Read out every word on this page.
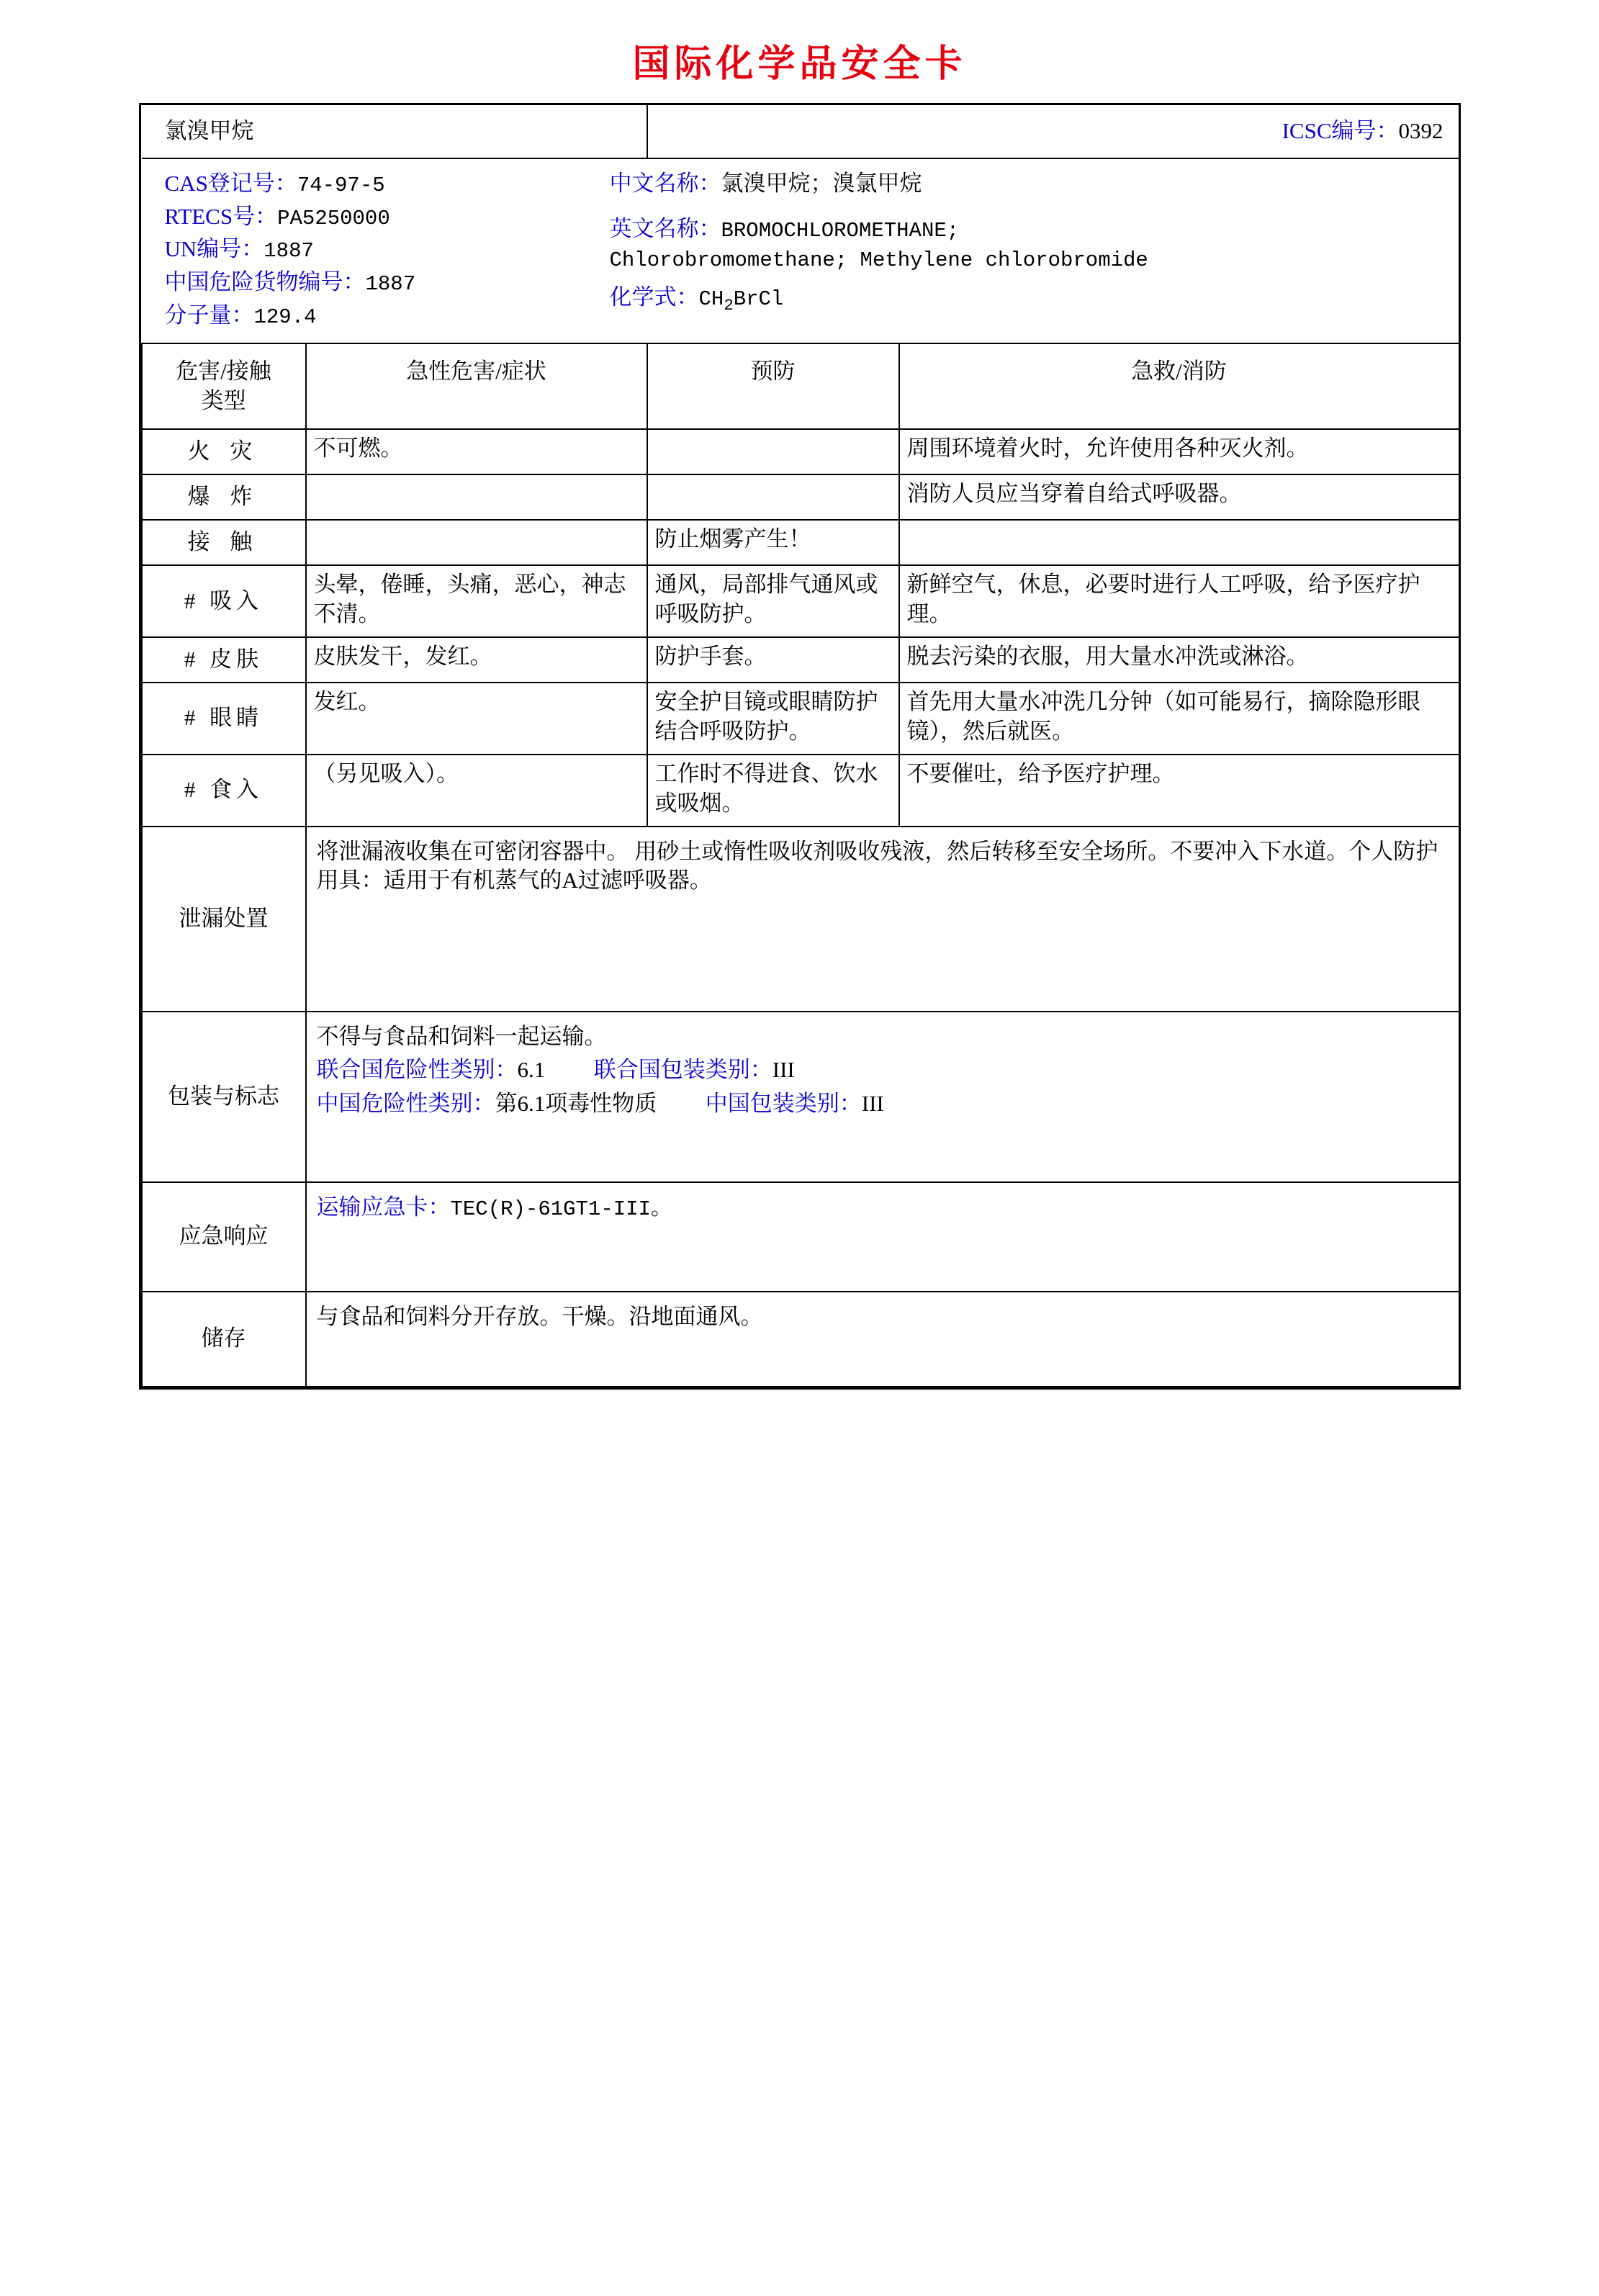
国际化学品安全卡
氯溴甲烷		ICSC编号：0392	

CAS登记号：74-97-5
RTECS号：PA5250000
UN编号：1887
中国危险货物编号：1887
分子量：129.4
中文名称：氯溴甲烷；溴氯甲烷
英文名称：BROMOCHLOROMETHANE;
Chlorobromomethane; Methylene chlorobromide
化学式：$CH_2BrCl$

危害/接触
类型	急性危害/症状	预防	急救/消防
火 灾	不可燃。		周围环境着火时，允许使用各种灭火剂。
爆 炸			消防人员应当穿着自给式呼吸器。
接 触		防止烟雾产生！	
# 吸入	头晕，倦睡，头痛，恶心，神志不清。	通风，局部排气通风或呼吸防护。	新鲜空气，休息，必要时进行人工呼吸，给予医疗护理。
# 皮肤	皮肤发干，发红。	防护手套。	脱去污染的衣服，用大量水冲洗或淋浴。
# 眼睛	发红。	安全护目镜或眼睛防护结合呼吸防护。	首先用大量水冲洗几分钟（如可能易行，摘除隐形眼镜），然后就医。
# 食入	（另见吸入）。	工作时不得进食、饮水或吸烟。	不要催吐，给予医疗护理。
泄漏处置	将泄漏液收集在可密闭容器中。 用砂土或惰性吸收剂吸收残液，然后转移至安全场所。不要冲入下水道。个人防护用具：适用于有机蒸气的A过滤呼吸器。		
包装与标志	不得与食品和饲料一起运输。
联合国危险性类别：6.1 联合国包装类别：III
中国危险性类别：第6.1项毒性物质 中国包装类别：III		

应急响应	运输应急卡：TEC(R)-61GT1-III。		
储存	与食品和饲料分开存放。干燥。沿地面通风。		
